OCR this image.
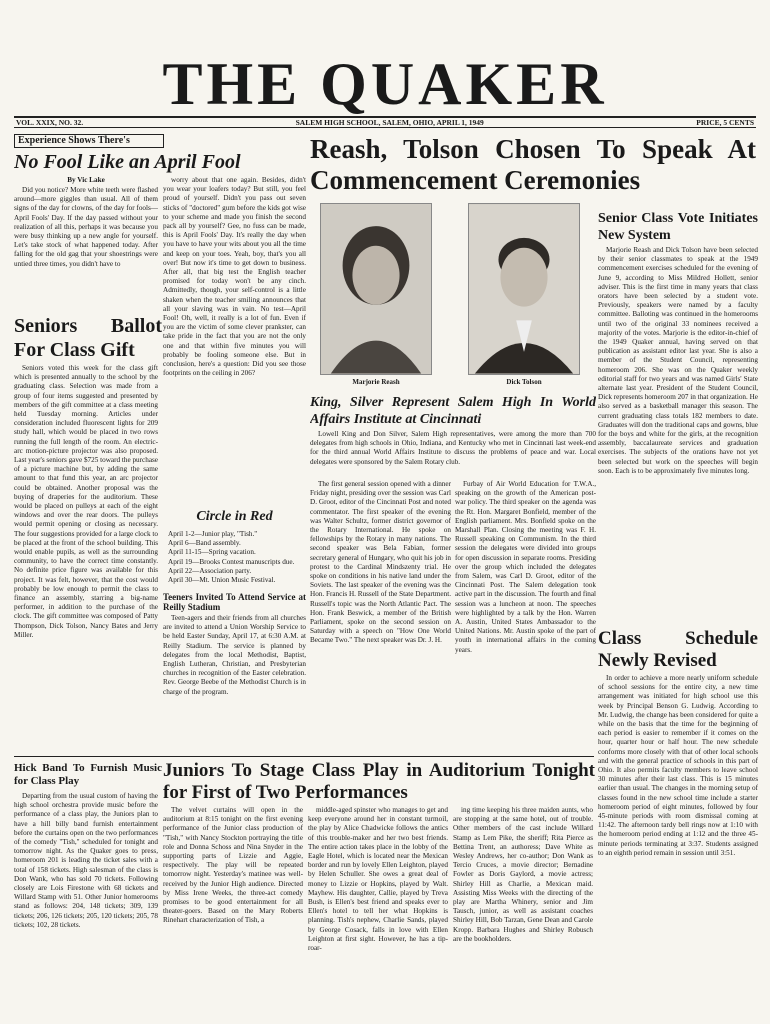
THE QUAKER
VOL. XXIX, NO. 32.	SALEM HIGH SCHOOL, SALEM, OHIO, APRIL 1, 1949	PRICE, 5 CENTS
Experience Shows There's
No Fool Like an April Fool
By Vic Lake

Did you notice? More white teeth were flashed around—more giggles than usual. All of them signs of the day for clowns, of the day for fools—April Fools' Day. If the day passed without your realization of all this, perhaps it was because you were busy thinking up a new angle for yourself. Let's take stock of what happened today. After falling for the old gag that your shoestrings were untied three times, you didn't have to

worry about that one again. Besides, didn't you wear your loafers today? But still, you feel proud of yourself. Didn't you pass out seven sticks of "doctored" gum before the kids got wise to your scheme and made you finish the second pack all by yourself? Gee, no fuss can be made, this is April Fools' Day. It's really the day when you have to have your wits about you all the time and keep on your toes. Yeah, boy, that's you all over! But now it's time to get down to business. After all, that big test the English teacher promised for today won't be any cinch. Admittedly, though, your self-control is a little shaken when the teacher smiling announces that all your slaving was in vain. No test—April Fool! Oh, well, it really is a lot of fun. Even if you are the victim of some clever prankster, can take pride in the fact that you are not the only one and that within five minutes you will probably be fooling someone else. But in conclusion, here's a question: Did you see those footprints on the ceiling in 206?

Seniors Ballot For Class Gift

Seniors voted this week for the class gift which is presented annually to the school by the graduating class. Selection was made from a group of four items suggested and presented by members of the gift committee at a class meeting held Tuesday morning. Articles under consideration included fluorescent lights for 209 study hall, which would be placed in two rows running the full length of the room. An electric-arc motion-picture projector was also proposed. Last year's seniors gave $725 toward the purchase of a picture machine but, by adding the same amount to that fund this year, an arc projector could be obtained. Another proposal was the buying of draperies for the auditorium. These would be placed on pulleys at each of the eight windows and over the rear doors. The pulleys would permit opening or closing as necessary. The four suggestions provided for a large clock to be placed at the front of the school building. This would enable pupils, as well as the surrounding community, to have the correct time constantly. No definite price figure was available for this project. It was felt, however, that the cost would probably be low enough to permit the class to finance an assembly, starring a big-name performer, in addition to the purchase of the clock. The gift committee was composed of Patty Thompson, Dick Tolson, Nancy Bates and Jerry Miller.

Circle in Red
April 1-2—Junior play, "Tish."
April 6—Band assembly.
April 11-15—Spring vacation.
April 19—Brooks Contest manuscripts due.
April 22—Association party.
April 30—Mt. Union Music Festival.
Teeners Invited To Attend Service at Reilly Stadium

Teen-agers and their friends from all churches are invited to attend a Union Worship Service to be held Easter Sunday, April 17, at 6:30 A.M. at Reilly Stadium. The service is planned by delegates from the local Methodist, Baptist, English Lutheran, Christian, and Presbyterian churches in recognition of the Easter celebration. Rev. George Beebe of the Methodist Church is in charge of the program.

Reash, Tolson Chosen To Speak At Commencement Ceremonies
Marjorie Reash	Dick Tolson
Senior Class Vote Initiates New System

Marjorie Reash and Dick Tolson have been selected by their senior classmates to speak at the 1949 commencement exercises scheduled for the evening of June 9, according to Miss Mildred Hollett, senior adviser. This is the first time in many years that class orators have been selected by a student vote. Previously, speakers were named by a faculty committee. Balloting was continued in the homerooms until two of the original 33 nominees received a majority of the votes. Marjorie is the editor-in-chief of the 1949 Quaker annual, having served on that publication as assistant editor last year. She is also a member of the Student Council, representing homeroom 206. She was on the Quaker weekly editorial staff for two years and was named Girls' State alternate last year. President of the Student Council, Dick represents homeroom 207 in that organization. He also served as a basketball manager this season. The current graduating class totals 182 members to date. Graduates will don the traditional caps and gowns, blue for the boys and white for the girls, at the recognition assembly, baccalaureate services and graduation exercises. The subjects of the orations have not yet been selected but work on the speeches will begin soon. Each is to be approximately five minutes long.

King, Silver Represent Salem High In World Affairs Institute at Cincinnati

Lowell King and Don Silver, Salem High representatives, were among the more than 700 delegates from high schools in Ohio, Indiana, and Kentucky who met in Cincinnati last week-end for the third annual World Affairs Institute to discuss the problems of peace and war. Local delegates were sponsored by the Salem Rotary club.

The first general session opened with a dinner Friday night, presiding over the session was Carl D. Groot, editor of the Cincinnati Post and noted commentator. The first speaker of the evening was Walter Schultz, former district governor of the Rotary International. He spoke on fellowships by the Rotary in many nations. The second speaker was Bela Fabian, former secretary general of Hungary, who quit his job in protest to the Cardinal Mindszenty trial. He spoke on conditions in his native land under the Soviets. The last speaker of the evening was the Hon. Francis H. Russell of the State Department. Russell's topic was the North Atlantic Pact. The Hon. Frank Beswick, a member of the British Parliament, spoke on the second session on Saturday with a speech on "How One World Became Two." The next speaker was Dr. J. H.

Furbay of Air World Education for T.W.A., speaking on the growth of the American post-war policy. The third speaker on the agenda was the Rt. Hon. Margaret Bonfield, member of the English parliament. Mrs. Bonfield spoke on the Marshall Plan. Closing the meeting was F. H. Russell speaking on Communism. In the third session the delegates were divided into groups for open discussion in separate rooms. Presiding over the group which included the delegates from Salem, was Carl D. Groot, editor of the Cincinnati Post. The Salem delegation took active part in the discussion. The fourth and final session was a luncheon at noon. The speeches were highlighted by a talk by the Hon. Warren A. Austin, United States Ambassador to the United Nations. Mr. Austin spoke of the part of youth in international affairs in the coming years.

Class Schedule Newly Revised

In order to achieve a more nearly uniform schedule of school sessions for the entire city, a new time arrangement was initiated for high school use this week by Principal Benson G. Ludwig. According to Mr. Ludwig, the change has been considered for quite a while on the basis that the time for the beginning of each period is easier to remember if it comes on the hour, quarter hour or half hour. The new schedule conforms more closely with that of other local schools and with the general practice of schools in this part of Ohio. It also permits faculty members to leave school 30 minutes after their last class. This is 15 minutes earlier than usual. The changes in the morning setup of classes found in the new school time include a starter homeroom period of eight minutes, followed by four 45-minute periods with room dismissal coming at 11:42. The afternoon tardy bell rings now at 1:10 with the homeroom period ending at 1:12 and the three 45-minute periods terminating at 3:37. Students assigned to an eighth period remain in session until 3:51.

Hick Band To Furnish Music for Class Play

Departing from the usual custom of having the high school orchestra provide music before the performance of a class play, the Juniors plan to have a hill billy band furnish entertainment before the curtains open on the two performances of the comedy "Tish," scheduled for tonight and tomorrow night. As the Quaker goes to press, homeroom 201 is leading the ticket sales with a total of 158 tickets. High salesman of the class is Don Wank, who has sold 70 tickets. Following closely are Lois Firestone with 68 tickets and Willard Stamp with 51. Other Junior homerooms stand as follows: 204, 148 tickets; 309, 139 tickets; 206, 126 tickets; 205, 120 tickets; 205, 78 tickets; 102, 28 tickets.

Juniors To Stage Class Play in Auditorium Tonight for First of Two Performances

The velvet curtains will open in the auditorium at 8:15 tonight on the first evening performance of the Junior class production of "Tish," with Nancy Stockton portraying the title role and Donna Schoss and Nina Snyder in the supporting parts of Lizzie and Aggie, respectively. The play will be repeated tomorrow night. Yesterday's matinee was well-received by the Junior High audience. Directed by Miss Irene Weeks, the three-act comedy promises to be good entertainment for all theater-goers. Based on the Mary Roberts Rinehart characterization of Tish, a

middle-aged spinster who manages to get and keep everyone around her in constant turmoil, the play by Alice Chadwicke follows the antics of this trouble-maker and her two best friends. The entire action takes place in the lobby of the Eagle Hotel, which is located near the Mexican border and run by lovely Ellen Leighton, played by Helen Schuller. She owes a great deal of money to Lizzie or Hopkins, played by Walt. Mayhew. His daughter, Callie, played by Treva Bush, is Ellen's best friend and speaks ever to Ellen's hotel to tell her what Hopkins is planning. Tish's nephew, Charlie Sands, played by George Cosack, falls in love with Ellen Leighton at first sight. However, he has a tip-roar-

ing time keeping his three maiden aunts, who are stopping at the same hotel, out of trouble. Other members of the cast include Willard Stamp as Lem Pike, the sheriff; Rita Pierce as Bettina Trent, an authoress; Dave White as Wesley Andrews, her co-author; Don Wank as Tercio Cruces, a movie director; Bernadine Fowler as Doris Gaylord, a movie actress; Shirley Hill as Charlie, a Mexican maid. Assisting Miss Weeks with the directing of the play are Martha Whinery, senior and Jim Tausch, junior, as well as assistant coaches Shirley Hill, Bob Tarzan, Gene Dean and Carole Kropp. Barbara Hughes and Shirley Robusch are the bookholders.
